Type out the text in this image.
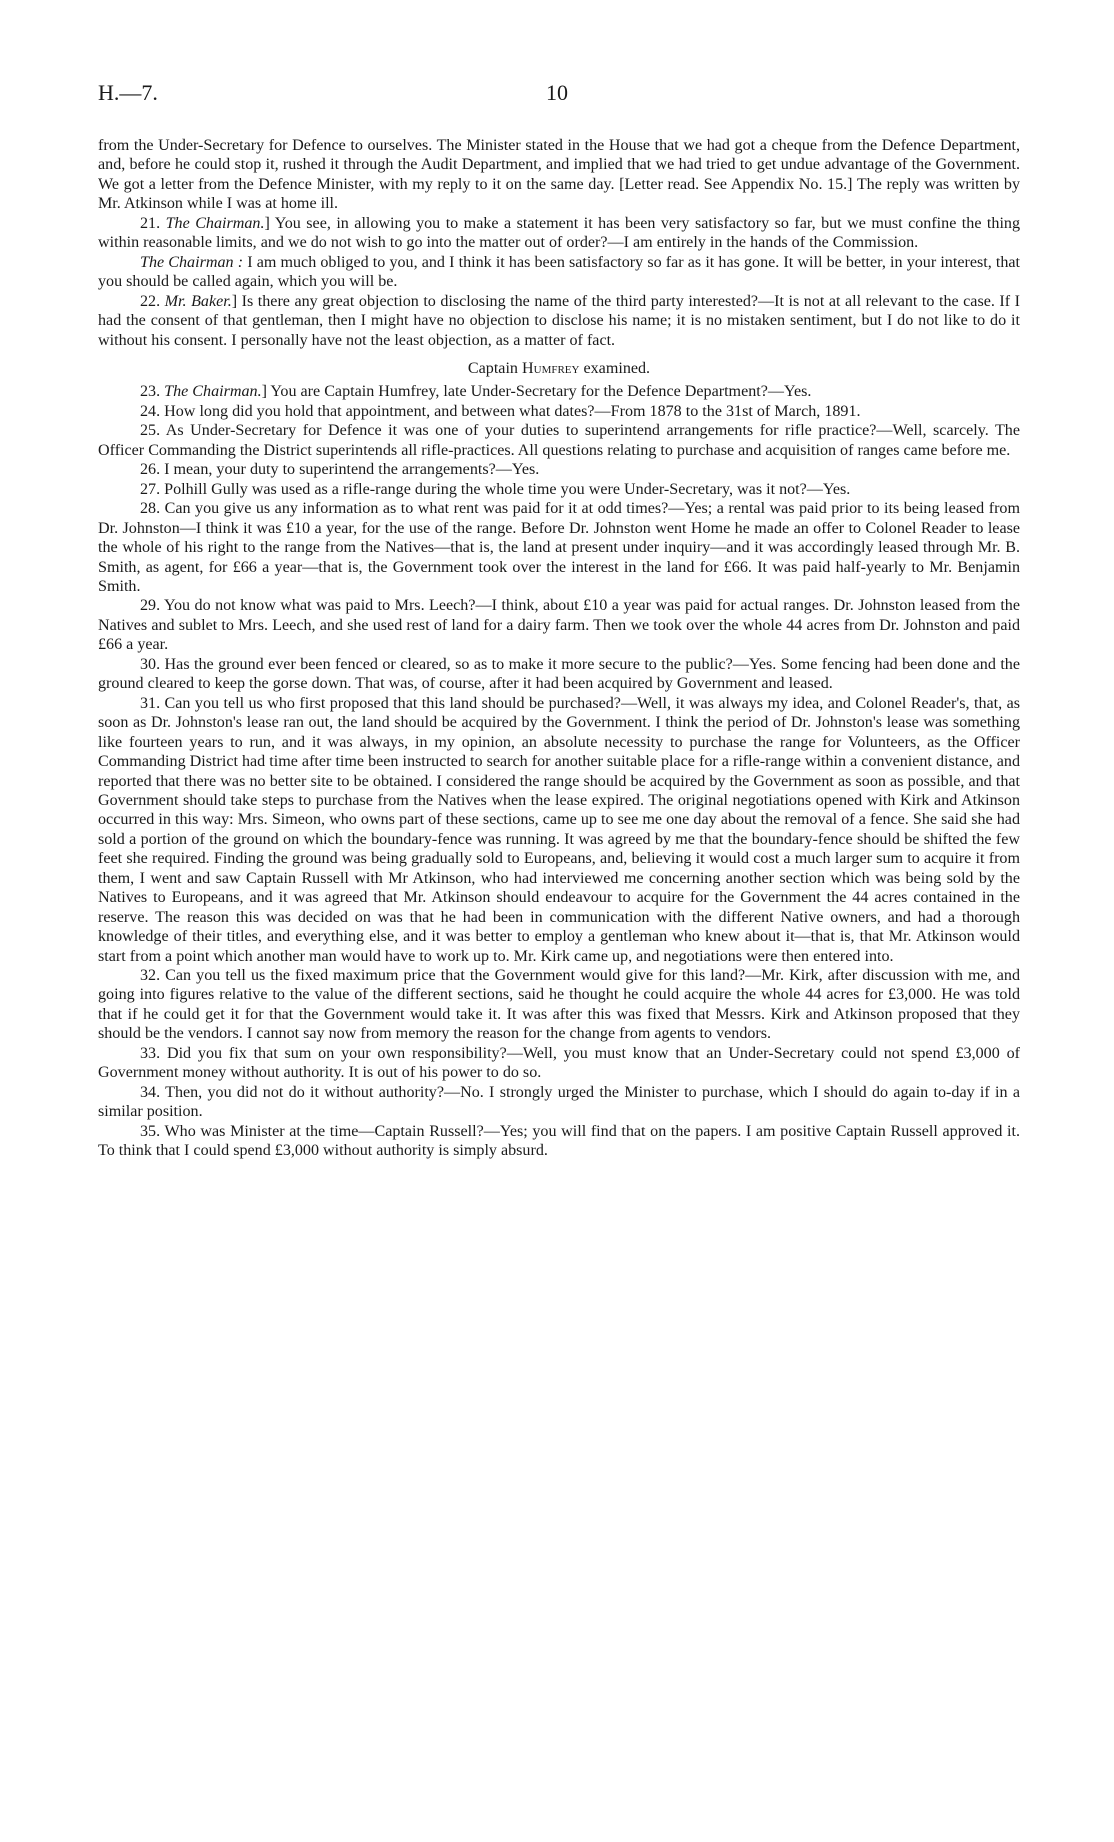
H.—7.	10

from the Under-Secretary for Defence to ourselves. The Minister stated in the House that we had got a cheque from the Defence Department, and, before he could stop it, rushed it through the Audit Department, and implied that we had tried to get undue advantage of the Government. We got a letter from the Defence Minister, with my reply to it on the same day. [Letter read. See Appendix No. 15.] The reply was written by Mr. Atkinson while I was at home ill.

21. The Chairman.] You see, in allowing you to make a statement it has been very satisfactory so far, but we must confine the thing within reasonable limits, and we do not wish to go into the matter out of order?—I am entirely in the hands of the Commission.

The Chairman : I am much obliged to you, and I think it has been satisfactory so far as it has gone. It will be better, in your interest, that you should be called again, which you will be.

22. Mr. Baker.] Is there any great objection to disclosing the name of the third party interested?—It is not at all relevant to the case. If I had the consent of that gentleman, then I might have no objection to disclose his name; it is no mistaken sentiment, but I do not like to do it without his consent. I personally have not the least objection, as a matter of fact.

Captain Humfrey examined.

23. The Chairman.] You are Captain Humfrey, late Under-Secretary for the Defence Department?—Yes.

24. How long did you hold that appointment, and between what dates?—From 1878 to the 31st of March, 1891.

25. As Under-Secretary for Defence it was one of your duties to superintend arrangements for rifle practice?—Well, scarcely. The Officer Commanding the District superintends all rifle-practices. All questions relating to purchase and acquisition of ranges came before me.

26. I mean, your duty to superintend the arrangements?—Yes.

27. Polhill Gully was used as a rifle-range during the whole time you were Under-Secretary, was it not?—Yes.

28. Can you give us any information as to what rent was paid for it at odd times?—Yes; a rental was paid prior to its being leased from Dr. Johnston—I think it was £10 a year, for the use of the range. Before Dr. Johnston went Home he made an offer to Colonel Reader to lease the whole of his right to the range from the Natives—that is, the land at present under inquiry—and it was accordingly leased through Mr. B. Smith, as agent, for £66 a year—that is, the Government took over the interest in the land for £66. It was paid half-yearly to Mr. Benjamin Smith.

29. You do not know what was paid to Mrs. Leech?—I think, about £10 a year was paid for actual ranges. Dr. Johnston leased from the Natives and sublet to Mrs. Leech, and she used rest of land for a dairy farm. Then we took over the whole 44 acres from Dr. Johnston and paid £66 a year.

30. Has the ground ever been fenced or cleared, so as to make it more secure to the public?—Yes. Some fencing had been done and the ground cleared to keep the gorse down. That was, of course, after it had been acquired by Government and leased.

31. Can you tell us who first proposed that this land should be purchased?—Well, it was always my idea, and Colonel Reader's, that, as soon as Dr. Johnston's lease ran out, the land should be acquired by the Government. I think the period of Dr. Johnston's lease was something like fourteen years to run, and it was always, in my opinion, an absolute necessity to purchase the range for Volunteers, as the Officer Commanding District had time after time been instructed to search for another suitable place for a rifle-range within a convenient distance, and reported that there was no better site to be obtained. I considered the range should be acquired by the Government as soon as possible, and that Government should take steps to purchase from the Natives when the lease expired. The original negotiations opened with Kirk and Atkinson occurred in this way: Mrs. Simeon, who owns part of these sections, came up to see me one day about the removal of a fence. She said she had sold a portion of the ground on which the boundary-fence was running. It was agreed by me that the boundary-fence should be shifted the few feet she required. Finding the ground was being gradually sold to Europeans, and, believing it would cost a much larger sum to acquire it from them, I went and saw Captain Russell with Mr Atkinson, who had interviewed me concerning another section which was being sold by the Natives to Europeans, and it was agreed that Mr. Atkinson should endeavour to acquire for the Government the 44 acres contained in the reserve. The reason this was decided on was that he had been in communication with the different Native owners, and had a thorough knowledge of their titles, and everything else, and it was better to employ a gentleman who knew about it—that is, that Mr. Atkinson would start from a point which another man would have to work up to. Mr. Kirk came up, and negotiations were then entered into.

32. Can you tell us the fixed maximum price that the Government would give for this land?—Mr. Kirk, after discussion with me, and going into figures relative to the value of the different sections, said he thought he could acquire the whole 44 acres for £3,000. He was told that if he could get it for that the Government would take it. It was after this was fixed that Messrs. Kirk and Atkinson proposed that they should be the vendors. I cannot say now from memory the reason for the change from agents to vendors.

33. Did you fix that sum on your own responsibility?—Well, you must know that an Under-Secretary could not spend £3,000 of Government money without authority. It is out of his power to do so.

34. Then, you did not do it without authority?—No. I strongly urged the Minister to purchase, which I should do again to-day if in a similar position.

35. Who was Minister at the time—Captain Russell?—Yes; you will find that on the papers. I am positive Captain Russell approved it. To think that I could spend £3,000 without authority is simply absurd.
